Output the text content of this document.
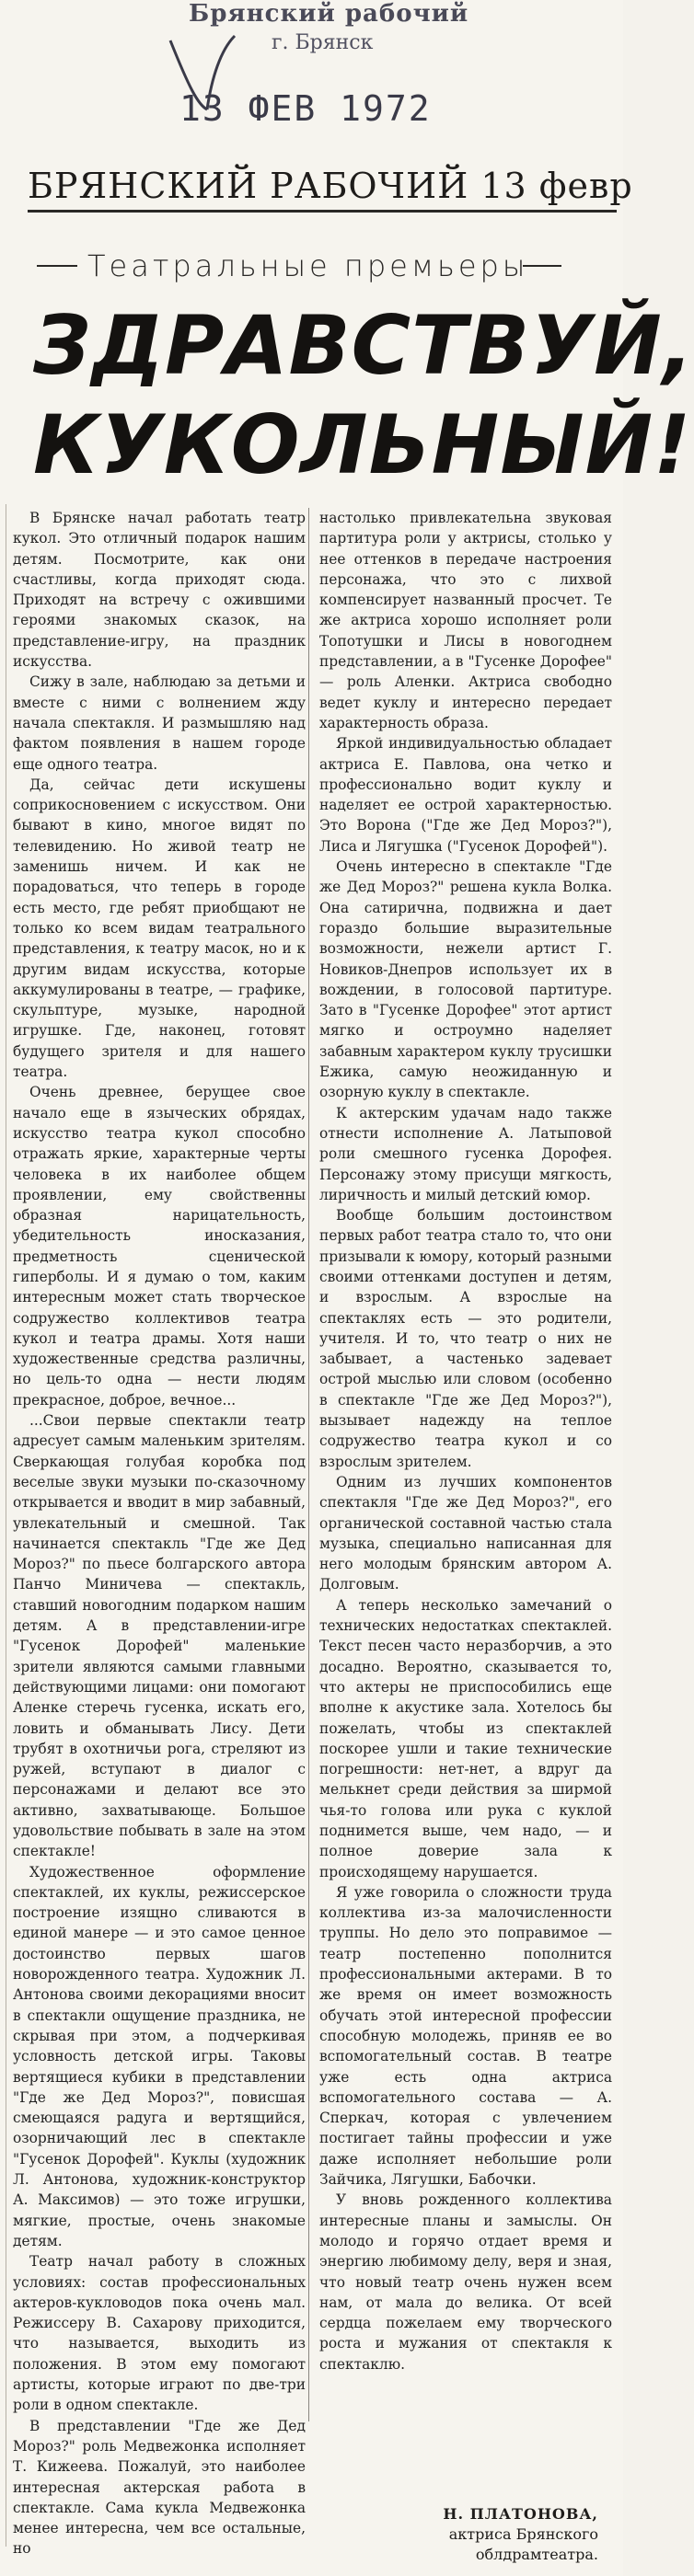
Брянский рабочий
г. Брянск
13 ФЕВ 1972
БРЯНСКИЙ РАБОЧИЙ 13 февр
Театральные премьеры
ЗДРАВСТВУЙ,
КУКОЛЬНЫЙ!

В Брянске начал работать театр кукол. Это отличный подарок нашим детям. Посмотрите, как они счастливы, когда приходят сюда. Приходят на встречу с ожившими героями знакомых сказок, на представление-игру, на праздник искусства.

Сижу в зале, наблюдаю за детьми и вместе с ними с волнением жду начала спектакля. И размышляю над фактом появления в нашем городе еще одного театра.

Да, сейчас дети искушены соприкосновением с искусством. Они бывают в кино, многое видят по телевидению. Но живой театр не заменишь ничем. И как не порадоваться, что теперь в городе есть место, где ребят приобщают не только ко всем видам театрального представления, к театру масок, но и к другим видам искусства, которые аккумулированы в театре, — графике, скульптуре, музыке, народной игрушке. Где, наконец, готовят будущего зрителя и для нашего театра.

Очень древнее, берущее свое начало еще в языческих обрядах, искусство театра кукол способно отражать яркие, характерные черты человека в их наиболее общем проявлении, ему свойственны образная нарицательность, убедительность иносказания, предметность сценической гиперболы. И я думаю о том, каким интересным может стать творческое содружество коллективов театра кукол и театра драмы. Хотя наши художественные средства различны, но цель-то одна — нести людям прекрасное, доброе, вечное...

...Свои первые спектакли театр адресует самым маленьким зрителям. Сверкающая голубая коробка под веселые звуки музыки по-сказочному открывается и вводит в мир забавный, увлекательный и смешной. Так начинается спектакль "Где же Дед Мороз?" по пьесе болгарского автора Панчо Миничева — спектакль, ставший новогодним подарком нашим детям. А в представлении-игре "Гусенок Дорофей" маленькие зрители являются самыми главными действующими лицами: они помогают Аленке стеречь гусенка, искать его, ловить и обманывать Лису. Дети трубят в охотничьи рога, стреляют из ружей, вступают в диалог с персонажами и делают все это активно, захватывающе. Большое удовольствие побывать в зале на этом спектакле!

Художественное оформление спектаклей, их куклы, режиссерское построение изящно сливаются в единой манере — и это самое ценное достоинство первых шагов новорожденного театра. Художник Л. Антонова своими декорациями вносит в спектакли ощущение праздника, не скрывая при этом, а подчеркивая условность детской игры. Таковы вертящиеся кубики в представлении "Где же Дед Мороз?", повисшая смеющаяся радуга и вертящийся, озорничающий лес в спектакле "Гусенок Дорофей". Куклы (художник Л. Антонова, художник-конструктор А. Максимов) — это тоже игрушки, мягкие, простые, очень знакомые детям.

Театр начал работу в сложных условиях: состав профессиональных актеров-кукловодов пока очень мал. Режиссеру В. Сахарову приходится, что называется, выходить из положения. В этом ему помогают артисты, которые играют по две-три роли в одном спектакле.

В представлении "Где же Дед Мороз?" роль Медвежонка исполняет Т. Кижеева. Пожалуй, это наиболее интересная актерская работа в спектакле. Сама кукла Медвежонка менее интересна, чем все остальные, но

настолько привлекательна звуковая партитура роли у актрисы, столько у нее оттенков в передаче настроения персонажа, что это с лихвой компенсирует названный просчет. Те же актриса хорошо исполняет роли Топотушки и Лисы в новогоднем представлении, а в "Гусенке Дорофее" — роль Аленки. Актриса свободно ведет куклу и интересно передает характерность образа.

Яркой индивидуальностью обладает актриса Е. Павлова, она четко и профессионально водит куклу и наделяет ее острой характерностью. Это Ворона ("Где же Дед Мороз?"), Лиса и Лягушка ("Гусенок Дорофей").

Очень интересно в спектакле "Где же Дед Мороз?" решена кукла Волка. Она сатирична, подвижна и дает гораздо большие выразительные возможности, нежели артист Г. Новиков-Днепров использует их в вождении, в голосовой партитуре. Зато в "Гусенке Дорофее" этот артист мягко и остроумно наделяет забавным характером куклу трусишки Ежика, самую неожиданную и озорную куклу в спектакле.

К актерским удачам надо также отнести исполнение А. Латыповой роли смешного гусенка Дорофея. Персонажу этому присущи мягкость, лиричность и милый детский юмор.

Вообще большим достоинством первых работ театра стало то, что они призывали к юмору, который разными своими оттенками доступен и детям, и взрослым. А взрослые на спектаклях есть — это родители, учителя. И то, что театр о них не забывает, а частенько задевает острой мыслью или словом (особенно в спектакле "Где же Дед Мороз?"), вызывает надежду на теплое содружество театра кукол и со взрослым зрителем.

Одним из лучших компонентов спектакля "Где же Дед Мороз?", его органической составной частью стала музыка, специально написанная для него молодым брянским автором А. Долговым.

А теперь несколько замечаний о технических недостатках спектаклей. Текст песен часто неразборчив, а это досадно. Вероятно, сказывается то, что актеры не приспособились еще вполне к акустике зала. Хотелось бы пожелать, чтобы из спектаклей поскорее ушли и такие технические погрешности: нет-нет, а вдруг да мелькнет среди действия за ширмой чья-то голова или рука с куклой поднимется выше, чем надо, — и полное доверие зала к происходящему нарушается.

Я уже говорила о сложности труда коллектива из-за малочисленности труппы. Но дело это поправимое — театр постепенно пополнится профессиональными актерами. В то же время он имеет возможность обучать этой интересной профессии способную молодежь, приняв ее во вспомогательный состав. В театре уже есть одна актриса вспомогательного состава — А. Сперкач, которая с увлечением постигает тайны профессии и уже даже исполняет небольшие роли Зайчика, Лягушки, Бабочки.

У вновь рожденного коллектива интересные планы и замыслы. Он молодо и горячо отдает время и энергию любимому делу, веря и зная, что новый театр очень нужен всем нам, от мала до велика. От всей сердца пожелаем ему творческого роста и мужания от спектакля к спектаклю.

Н. ПЛАТОНОВА,
актриса Брянского облдрамтеатра.
